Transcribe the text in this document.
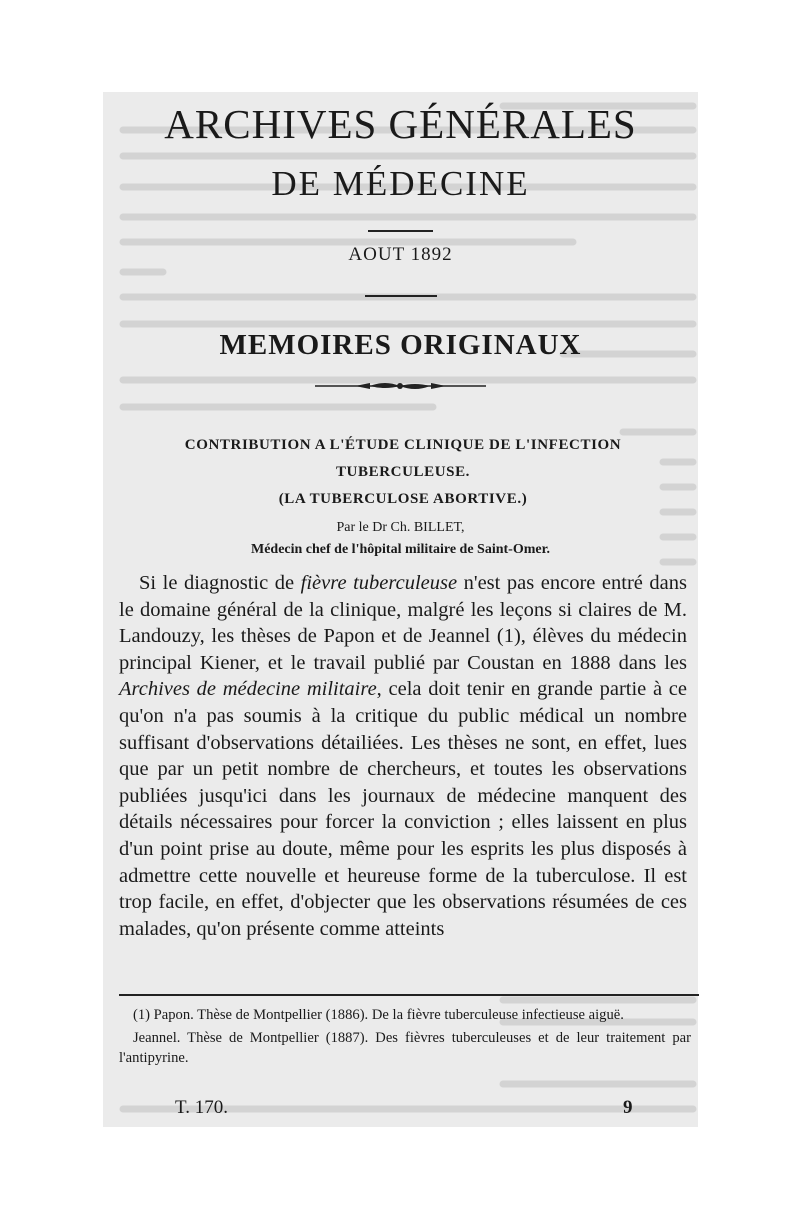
ARCHIVES GÉNÉRALES
DE MÉDECINE
AOUT 1892
MEMOIRES ORIGINAUX
CONTRIBUTION A L'ÉTUDE CLINIQUE DE L'INFECTION
TUBERCULEUSE.
(LA TUBERCULOSE ABORTIVE.)
Par le Dr Ch. BILLET,
Médecin chef de l'hôpital militaire de Saint-Omer.

Si le diagnostic de fièvre tuberculeuse n'est pas encore entré dans le domaine général de la clinique, malgré les leçons si claires de M. Landouzy, les thèses de Papon et de Jeannel (1), élèves du médecin principal Kiener, et le travail publié par Coustan en 1888 dans les Archives de médecine militaire, cela doit tenir en grande partie à ce qu'on n'a pas soumis à la critique du public médical un nombre suffisant d'observations détailiées. Les thèses ne sont, en effet, lues que par un petit nombre de chercheurs, et toutes les observations publiées jusqu'ici dans les journaux de médecine manquent des détails nécessaires pour forcer la conviction ; elles laissent en plus d'un point prise au doute, même pour les esprits les plus disposés à admettre cette nouvelle et heureuse forme de la tuberculose. Il est trop facile, en effet, d'objecter que les observations résumées de ces malades, qu'on présente comme atteints

(1) Papon. Thèse de Montpellier (1886). De la fièvre tuberculeuse infectieuse aiguë.

Jeannel. Thèse de Montpellier (1887). Des fièvres tuberculeuses et de leur traitement par l'antipyrine.

T. 170.	9
